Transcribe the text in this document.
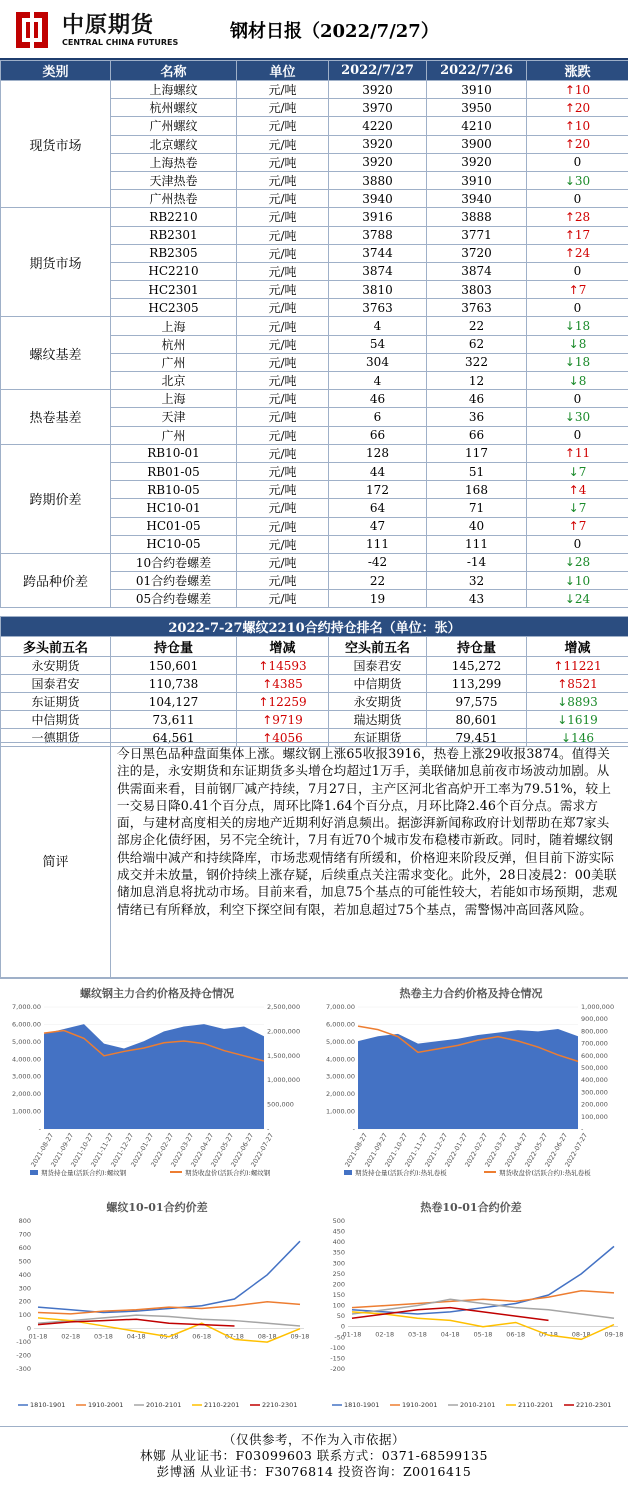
中原期货
CENTRAL CHINA FUTURES
钢材日报（2022/7/27）
类别	名称	单位	2022/7/27	2022/7/26	涨跌
现货市场	上海螺纹	元/吨	3920	3910	↑10
	杭州螺纹	元/吨	3970	3950	↑20
	广州螺纹	元/吨	4220	4210	↑10
	北京螺纹	元/吨	3920	3900	↑20
	上海热卷	元/吨	3920	3920	0
	天津热卷	元/吨	3880	3910	↓30
	广州热卷	元/吨	3940	3940	0
期货市场	RB2210	元/吨	3916	3888	↑28
	RB2301	元/吨	3788	3771	↑17
	RB2305	元/吨	3744	3720	↑24
	HC2210	元/吨	3874	3874	0
	HC2301	元/吨	3810	3803	↑7
	HC2305	元/吨	3763	3763	0
螺纹基差	上海	元/吨	4	22	↓18
	杭州	元/吨	54	62	↓8
	广州	元/吨	304	322	↓18
	北京	元/吨	4	12	↓8
热卷基差	上海	元/吨	46	46	0
	天津	元/吨	6	36	↓30
	广州	元/吨	66	66	0
跨期价差	RB10-01	元/吨	128	117	↑11
	RB01-05	元/吨	44	51	↓7
	RB10-05	元/吨	172	168	↑4
	HC10-01	元/吨	64	71	↓7
	HC01-05	元/吨	47	40	↑7
	HC10-05	元/吨	111	111	0
跨品种价差	10合约卷螺差	元/吨	-42	-14	↓28
	01合约卷螺差	元/吨	22	32	↓10
	05合约卷螺差	元/吨	19	43	↓24
2022-7-27螺纹2210合约持仓排名（单位：张）					
多头前五名	持仓量	增减	空头前五名	持仓量	增减
永安期货	150,601	↑14593	国泰君安	145,272	↑11221
国泰君安	110,738	↑4385	中信期货	113,299	↑8521
东证期货	104,127	↑12259	永安期货	97,575	↓8893
中信期货	73,611	↑9719	瑞达期货	80,601	↓1619
一德期货	64,561	↑4056	东证期货	79,451	↓146
简评	今日黑色品种盘面集体上涨。螺纹钢上涨65收报3916，热卷上涨29收报3874。值得关注的是，永安期货和东证期货多头增仓均超过1万手，美联储加息前夜市场波动加剧。从供需面来看，目前钢厂减产持续，7月27日，主产区河北省高炉开工率为79.51%，较上一交易日降0.41个百分点，周环比降1.64个百分点，月环比降2.46个百分点。需求方面，与建材高度相关的房地产近期利好消息频出。据澎湃新闻称政府计划帮助在郑7家头部房企化债纾困，另不完全统计，7月有近70个城市发布稳楼市新政。同时，随着螺纹钢供给端中减产和持续降库，市场悲观情绪有所缓和，价格迎来阶段反弹，但目前下游实际成交并未放量，钢价持续上涨存疑，后续重点关注需求变化。此外，28日凌晨2：00美联储加息消息将扰动市场。目前来看，加息75个基点的可能性较大，若能如市场预期，悲观情绪已有所释放，利空下探空间有限，若加息超过75个基点，需警惕冲高回落风险。
螺纹钢主力合约价格及持仓情况
-
1,000.00
2,000.00
3,000.00
4,000.00
5,000.00
6,000.00
7,000.00
-
500,000
1,000,000
1,500,000
2,000,000
2,500,000
2021-08-27
2021-09-27
2021-10-27
2021-11-27
2021-12-27
2022-01-27
2022-02-27
2022-03-27
2022-04-27
2022-05-27
2022-06-27
2022-07-27
期货持仓量(活跃合约):螺纹钢	期货收盘价(活跃合约):螺纹钢
热卷主力合约价格及持仓情况
-
1,000.00
2,000.00
3,000.00
4,000.00
5,000.00
6,000.00
7,000.00
-
100,000
200,000
300,000
400,000
500,000
600,000
700,000
800,000
900,000
1,000,000
2021-08-27
2021-09-27
2021-10-27
2021-11-27
2021-12-27
2022-01-27
2022-02-27
2022-03-27
2022-04-27
2022-05-27
2022-06-27
2022-07-27
期货持仓量(活跃合约):热轧卷板	期货收盘价(活跃合约):热轧卷板
螺纹10-01合约价差
-300
-200
-100
0
100
200
300
400
500
600
700
800
01-18 02-18 03-18 04-18 05-18 06-18 07-18 08-18 09-18
1810-1901	1910-2001	2010-2101	2110-2201	2210-2301
热卷10-01合约价差
-200
-150
-100
-50
0
50
100
150
200
250
300
350
400
450
500
01-18 02-18 03-18 04-18 05-18 06-18 07-18 08-18 09-18
1810-1901	1910-2001	2010-2101	2110-2201	2210-2301
（仅供参考，不作为入市依据）
林娜 从业证书：F03099603 联系方式：0371-68599135
彭博涵 从业证书：F3076814 投资咨询：Z0016415
